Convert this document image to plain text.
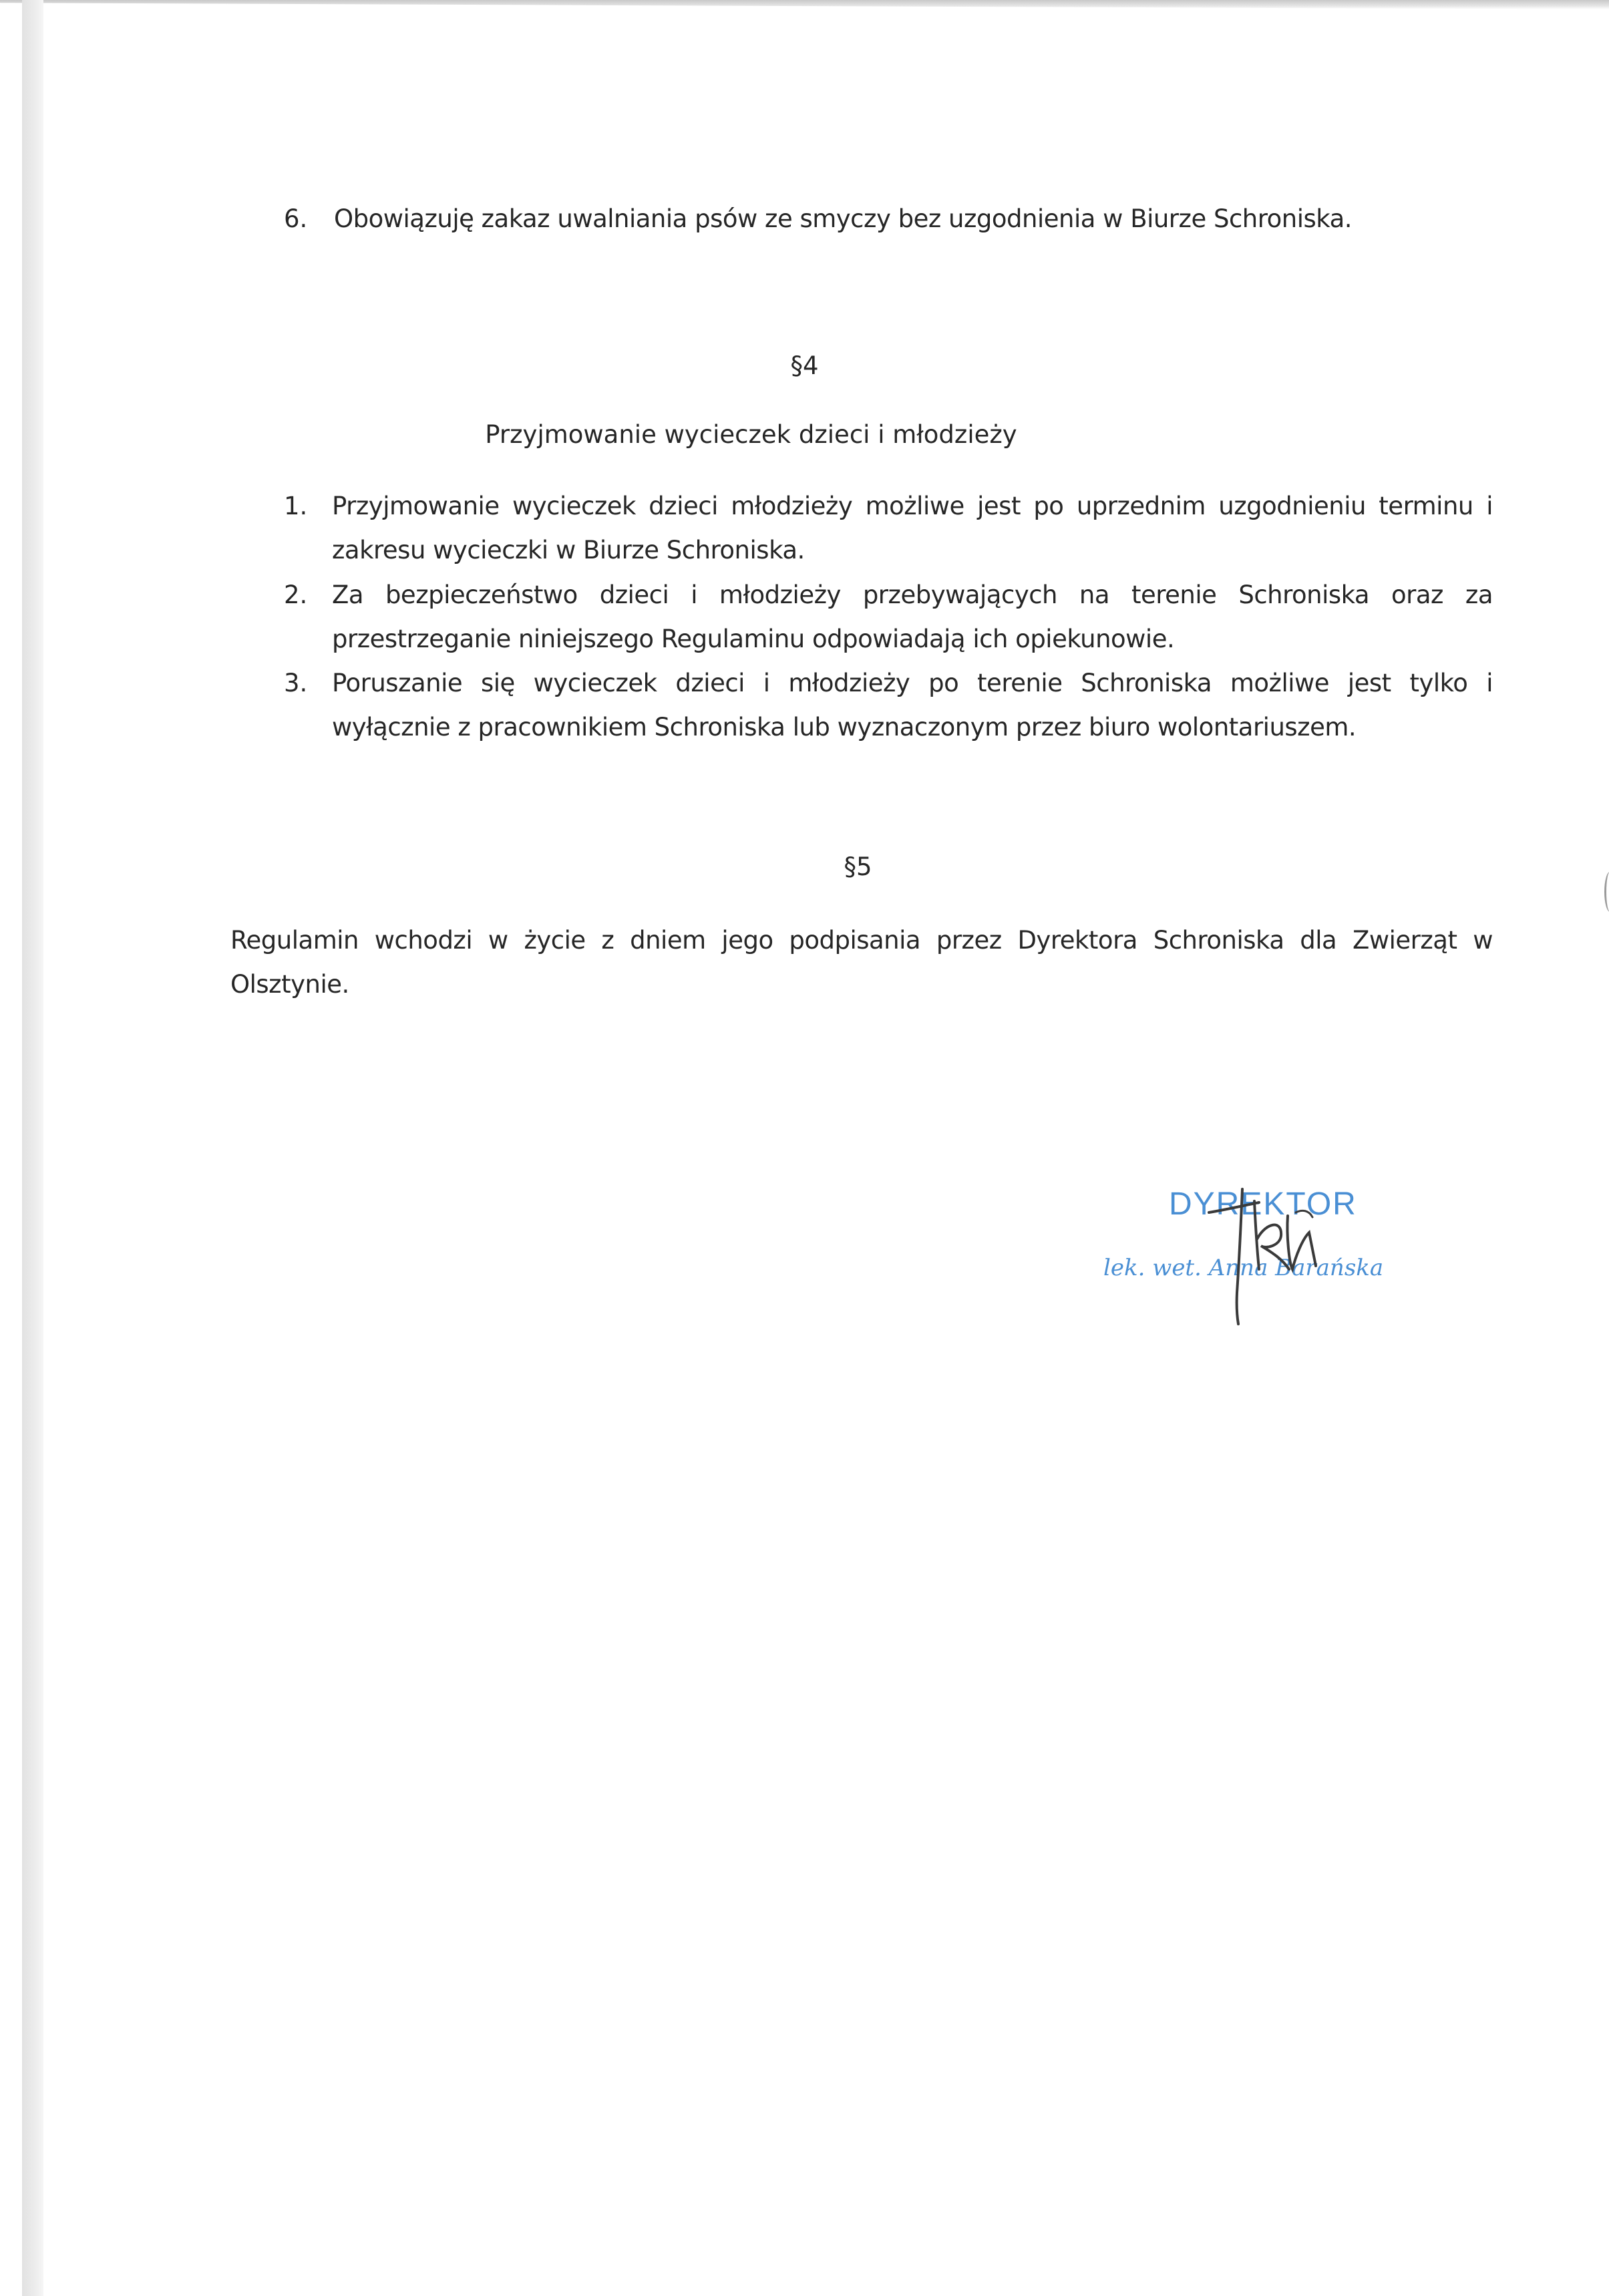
6. Obowiązuję zakaz uwalniania psów ze smyczy bez uzgodnienia w Biurze Schroniska.
§4
Przyjmowanie wycieczek dzieci i młodzieży
1. Przyjmowanie wycieczek dzieci młodzieży możliwe jest po uprzednim uzgodnieniu terminu i
zakresu wycieczki w Biurze Schroniska.
2. Za bezpieczeństwo dzieci i młodzieży przebywających na terenie Schroniska oraz za
przestrzeganie niniejszego Regulaminu odpowiadają ich opiekunowie.
3. Poruszanie się wycieczek dzieci i młodzieży po terenie Schroniska możliwe jest tylko i
wyłącznie z pracownikiem Schroniska lub wyznaczonym przez biuro wolontariuszem.
§5
Regulamin wchodzi w życie z dniem jego podpisania przez Dyrektora Schroniska dla Zwierząt w
Olsztynie.
DYREKTOR
lek. wet. Anna Barańska
